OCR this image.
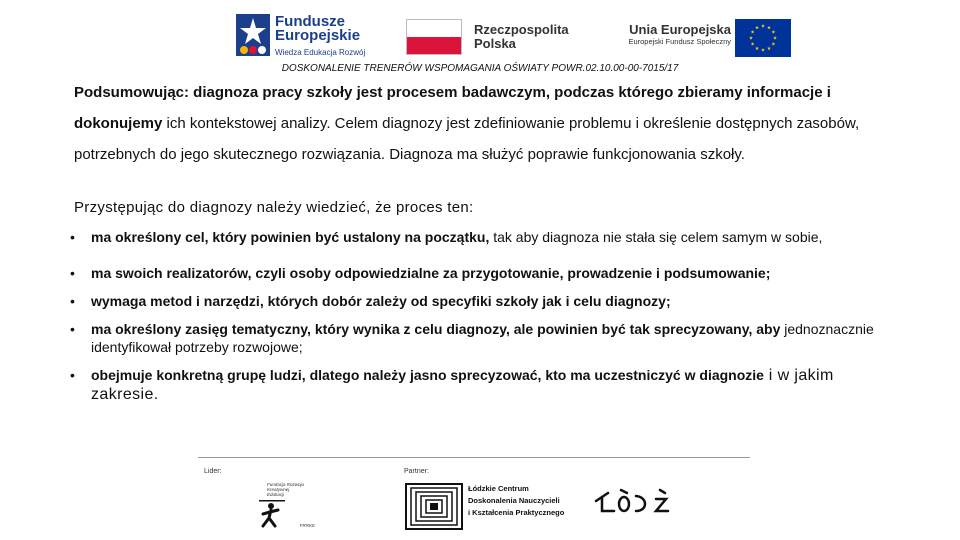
Fundusze
Europejskie
Wiedza Edukacja Rozwój
Rzeczpospolita
Polska
Unia Europejska
Europejski Fundusz Społeczny
DOSKONALENIE TRENERÓW WSPOMAGANIA OŚWIATY POWR.02.10.00-00-7015/17

Podsumowując: diagnoza pracy szkoły jest procesem badawczym, podczas którego zbieramy informacje i dokonujemy ich kontekstowej analizy. Celem diagnozy jest zdefiniowanie problemu i określenie dostępnych zasobów, potrzebnych do jego skutecznego rozwiązania. Diagnoza ma służyć poprawie funkcjonowania szkoły.

Przystępując do diagnozy należy wiedzieć, że proces ten:
• ma określony cel, który powinien być ustalony na początku, tak aby diagnoza nie stała się celem samym w sobie,
• ma swoich realizatorów, czyli osoby odpowiedzialne za przygotowanie, prowadzenie i podsumowanie;
• wymaga metod i narzędzi, których dobór zależy od specyfiki szkoły jak i celu diagnozy;
• ma określony zasięg tematyczny, który wynika z celu diagnozy, ale powinien być tak sprecyzowany, aby jednoznacznie identyfikował potrzeby rozwojowe;
• obejmuje konkretną grupę ludzi, dlatego należy jasno sprecyzować, kto ma uczestniczyć w diagnozie i w jakim zakresie.
Lider:	Partner:
Fundacja Rozwoju Kreatywnej Edukacji
FRRKE
Łódzkie Centrum
Doskonalenia Nauczycieli
i Kształcenia Praktycznego
